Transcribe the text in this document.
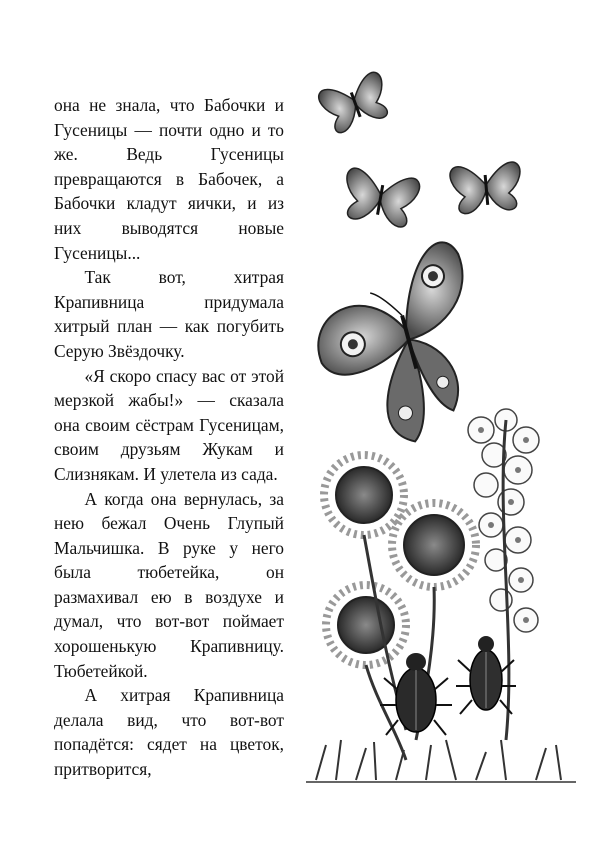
она не знала, что Бабочки и Гусеницы — почти одно и то же. Ведь Гусеницы превращаются в Бабочек, а Бабочки кладут яички, и из них выводятся новые Гусеницы...

Так вот, хитрая Крапивница придумала хитрый план — как погубить Серую Звёздочку.

«Я скоро спасу вас от этой мерзкой жабы!» — сказала она своим сёстрам Гусеницам, своим друзьям Жукам и Слизнякам. И улетела из сада.

А когда она вернулась, за нею бежал Очень Глупый Мальчишка. В руке у него была тюбетейка, он размахивал ею в воздухе и думал, что вот-вот поймает хорошенькую Крапивницу. Тюбетейкой.

А хитрая Крапивница делала вид, что вот-вот попадётся: сядет на цветок, притворится,
